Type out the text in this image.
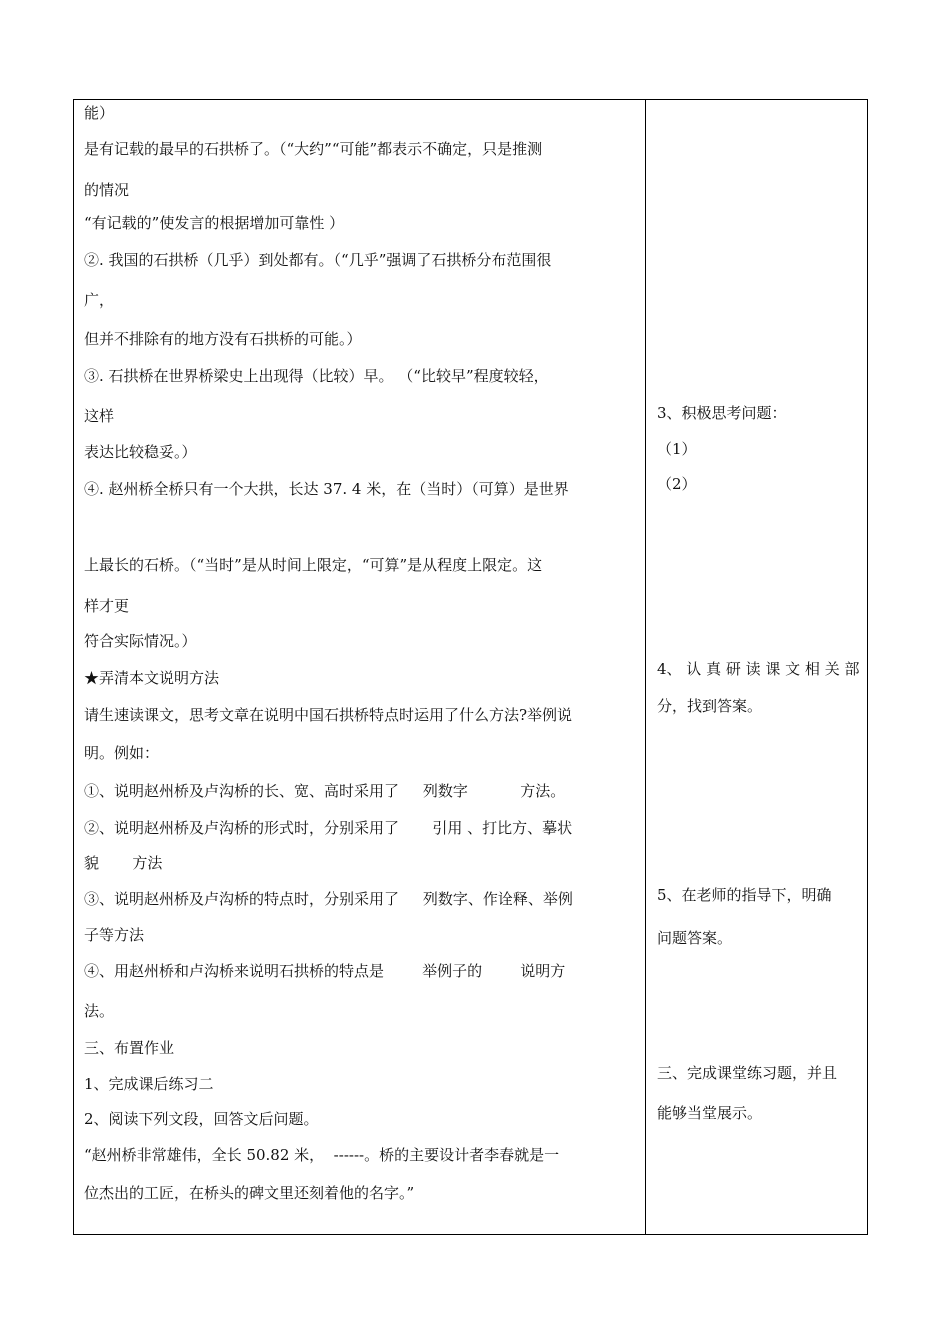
能）
是有记载的最早的石拱桥了。（“大约”“可能”都表示不确定，只是推测
的情况
“有记载的”使发言的根据增加可靠性 ）
②. 我国的石拱桥（几乎）到处都有。（“几乎”强调了石拱桥分布范围很
广，
但并不排除有的地方没有石拱桥的可能。）
③. 石拱桥在世界桥梁史上出现得（比较）早。 （“比较早”程度较轻，
这样
表达比较稳妥。）
④. 赵州桥全桥只有一个大拱，长达 37. 4 米，在（当时）（可算）是世界
上最长的石桥。（“当时”是从时间上限定，“可算”是从程度上限定。这
样才更
符合实际情况。）
★弄清本文说明方法
请生速读课文，思考文章在说明中国石拱桥特点时运用了什么方法?举例说
明。例如：
①、说明赵州桥及卢沟桥的长、宽、高时采用了     列数字           方法。
②、说明赵州桥及卢沟桥的形式时，分别采用了       引用 、打比方、摹状
貌       方法
③、说明赵州桥及卢沟桥的特点时，分别采用了     列数字、作诠释、举例
子等方法
④、用赵州桥和卢沟桥来说明石拱桥的特点是        举例子的        说明方
法。
三、布置作业
1、完成课后练习二
2、阅读下列文段，回答文后问题。
“赵州桥非常雄伟，全长 50.82 米，  ------。桥的主要设计者李春就是一
位杰出的工匠，在桥头的碑文里还刻着他的名字。”
3、积极思考问题：
（1）
（2）
4、 认 真 研 读 课 文 相 关 部
分，找到答案。
5、在老师的指导下，明确
问题答案。
三、完成课堂练习题，并且
能够当堂展示。
